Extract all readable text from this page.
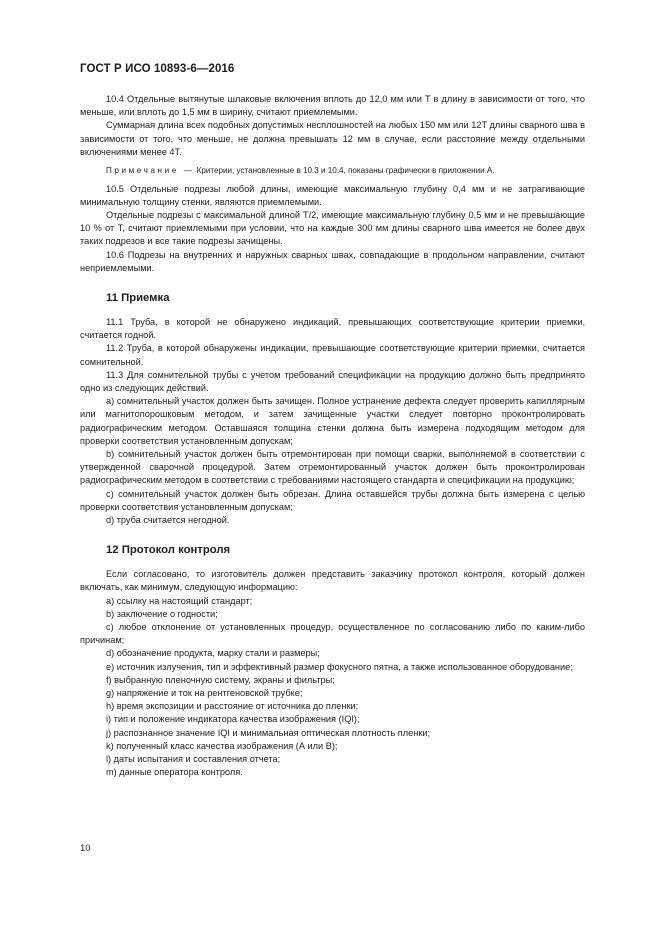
ГОСТ Р ИСО 10893-6—2016

10.4 Отдельные вытянутые шлаковые включения вплоть до 12,0 мм или T в длину в зависимости от того, что меньше, или вплоть до 1,5 мм в ширину, считают приемлемыми.

Суммарная длина всех подобных допустимых несплошностей на любых 150 мм или 12T длины сварного шва в зависимости от того, что меньше, не должна превышать 12 мм в случае, если расстояние между отдельными включениями менее 4T.

Примечание — Критерии, установленные в 10.3 и 10.4, показаны графически в приложении А.

10.5 Отдельные подрезы любой длины, имеющие максимальную глубину 0,4 мм и не затрагивающие минимальную толщину стенки, являются приемлемыми.

Отдельные подрезы с максимальной длиной T/2, имеющие максимальную глубину 0,5 мм и не превышающие 10 % от T, считают приемлемыми при условии, что на каждые 300 мм длины сварного шва имеется не более двух таких подрезов и все такие подрезы зачищены.

10.6 Подрезы на внутренних и наружных сварных швах, совпадающие в продольном направлении, считают неприемлемыми.

11 Приемка

11.1 Труба, в которой не обнаружено индикаций, превышающих соответствующие критерии приемки, считается годной.

11.2 Труба, в которой обнаружены индикации, превышающие соответствующие критерии приемки, считается сомнительной.

11.3 Для сомнительной трубы с учетом требований спецификации на продукцию должно быть предпринято одно из следующих действий.

a) сомнительный участок должен быть зачищен. Полное устранение дефекта следует проверить капиллярным или магнитопорошковым методом, и затем зачищенные участки следует повторно проконтролировать радиографическим методом. Оставшаяся толщина стенки должна быть измерена подходящим методом для проверки соответствия установленным допускам;

b) сомнительный участок должен быть отремонтирован при помощи сварки, выполняемой в соответствии с утвержденной сварочной процедурой. Затем отремонтированный участок должен быть проконтролирован радиографическим методом в соответствии с требованиями настоящего стандарта и спецификации на продукцию;

c) сомнительный участок должен быть обрезан. Длина оставшейся трубы должна быть измерена с целью проверки соответствия установленным допускам;

d) труба считается негодной.

12 Протокол контроля

Если согласовано, то изготовитель должен представить заказчику протокол контроля, который должен включать, как минимум, следующую информацию:

a) ссылку на настоящий стандарт;

b) заключение о годности;

c) любое отклонение от установленных процедур, осуществленное по согласованию либо по каким-либо причинам;

d) обозначение продукта, марку стали и размеры;

e) источник излучения, тип и эффективный размер фокусного пятна, а также использованное оборудование;

f) выбранную пленочную систему, экраны и фильтры;

g) напряжение и ток на рентгеновской трубке;

h) время экспозиции и расстояние от источника до пленки;

i) тип и положение индикатора качества изображения (IQI);

j) распознанное значение IQI и минимальная оптическая плотность пленки;

k) полученный класс качества изображения (А или В);

l) даты испытания и составления отчета;

m) данные оператора контроля.

10
